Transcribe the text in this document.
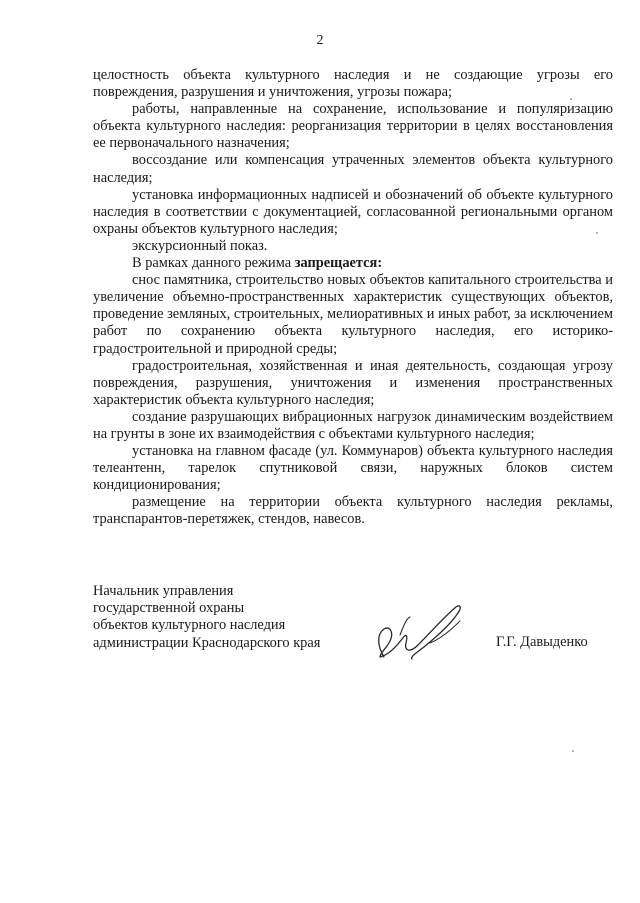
2

целостность объекта культурного наследия и не создающие угрозы его повреждения, разрушения и уничтожения, угрозы пожара;

работы, направленные на сохранение, использование и популяризацию объекта культурного наследия: реорганизация территории в целях восстановления ее первоначального назначения;

воссоздание или компенсация утраченных элементов объекта культурного наследия;

установка информационных надписей и обозначений об объекте культурного наследия в соответствии с документацией, согласованной региональными органом охраны объектов культурного наследия;

экскурсионный показ.

В рамках данного режима запрещается:

снос памятника, строительство новых объектов капитального строительства и увеличение объемно-пространственных характеристик существующих объектов, проведение земляных, строительных, мелиоративных и иных работ, за исключением работ по сохранению объекта культурного наследия, его историко-градостроительной и природной среды;

градостроительная, хозяйственная и иная деятельность, создающая угрозу повреждения, разрушения, уничтожения и изменения пространственных характеристик объекта культурного наследия;

создание разрушающих вибрационных нагрузок динамическим воздействием на грунты в зоне их взаимодействия с объектами культурного наследия;

установка на главном фасаде (ул. Коммунаров) объекта культурного наследия телеантенн, тарелок спутниковой связи, наружных блоков систем кондиционирования;

размещение на территории объекта культурного наследия рекламы, транспарантов-перетяжек, стендов, навесов.

Начальник управления
государственной охраны
объектов культурного наследия
администрации Краснодарского края	Г.Г. Давыденко
